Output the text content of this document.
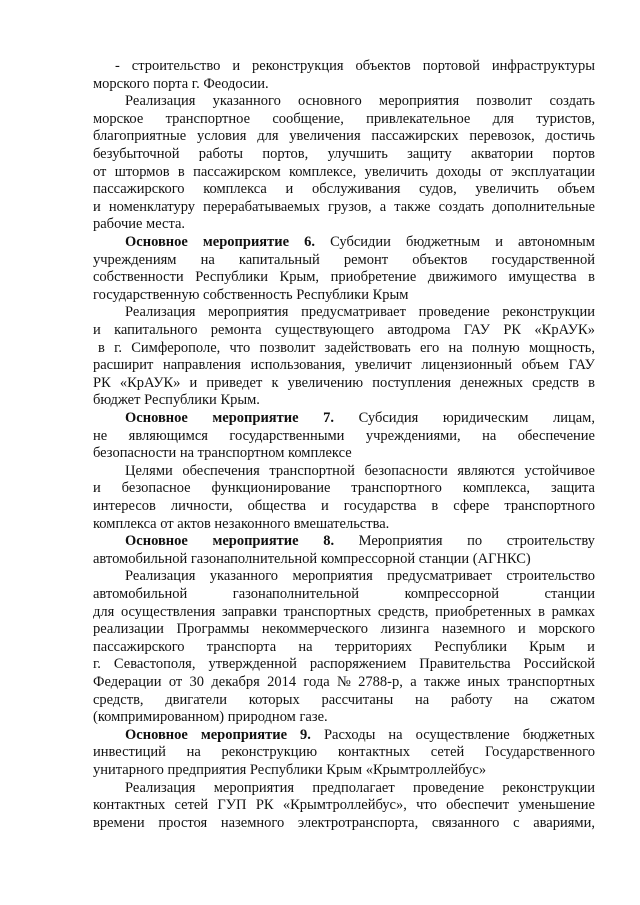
- строительство и реконструкция объектов портовой инфраструктуры
морского порта г. Феодосии.
Реализация указанного основного мероприятия позволит создать
морское транспортное сообщение, привлекательное для туристов,
благоприятные условия для увеличения пассажирских перевозок, достичь
безубыточной работы портов, улучшить защиту акватории портов
от штормов в пассажирском комплексе, увеличить доходы от эксплуатации
пассажирского комплекса и обслуживания судов, увеличить объем
и номенклатуру перерабатываемых грузов, а также создать дополнительные
рабочие места.
Основное мероприятие 6. Субсидии бюджетным и автономным
учреждениям на капитальный ремонт объектов государственной
собственности Республики Крым, приобретение движимого имущества в
государственную собственность Республики Крым
Реализация мероприятия предусматривает проведение реконструкции
и капитального ремонта существующего автодрома ГАУ РК «КрАУК»
в г. Симферополе, что позволит задействовать его на полную мощность,
расширит направления использования, увеличит лицензионный объем ГАУ
РК «КрАУК» и приведет к увеличению поступления денежных средств в
бюджет Республики Крым.
Основное мероприятие 7. Субсидия юридическим лицам,
не являющимся государственными учреждениями, на обеспечение
безопасности на транспортном комплексе
Целями обеспечения транспортной безопасности являются устойчивое
и безопасное функционирование транспортного комплекса, защита
интересов личности, общества и государства в сфере транспортного
комплекса от актов незаконного вмешательства.
Основное мероприятие 8. Мероприятия по строительству
автомобильной газонаполнительной компрессорной станции (АГНКС)
Реализация указанного мероприятия предусматривает строительство
автомобильной	газонаполнительной	компрессорной	станции
для осуществления заправки транспортных средств, приобретенных в рамках
реализации Программы некоммерческого лизинга наземного и морского
пассажирского транспорта на территориях Республики Крым и
г. Севастополя, утвержденной распоряжением Правительства Российской
Федерации от 30 декабря 2014 года № 2788-р, а также иных транспортных
средств, двигатели которых рассчитаны на работу на сжатом
(компримированном) природном газе.
Основное мероприятие 9. Расходы на осуществление бюджетных
инвестиций на реконструкцию контактных сетей Государственного
унитарного предприятия Республики Крым «Крымтроллейбус»
Реализация мероприятия предполагает проведение реконструкции
контактных сетей ГУП РК «Крымтроллейбус», что обеспечит уменьшение
времени простоя наземного электротранспорта, связанного с авариями,
